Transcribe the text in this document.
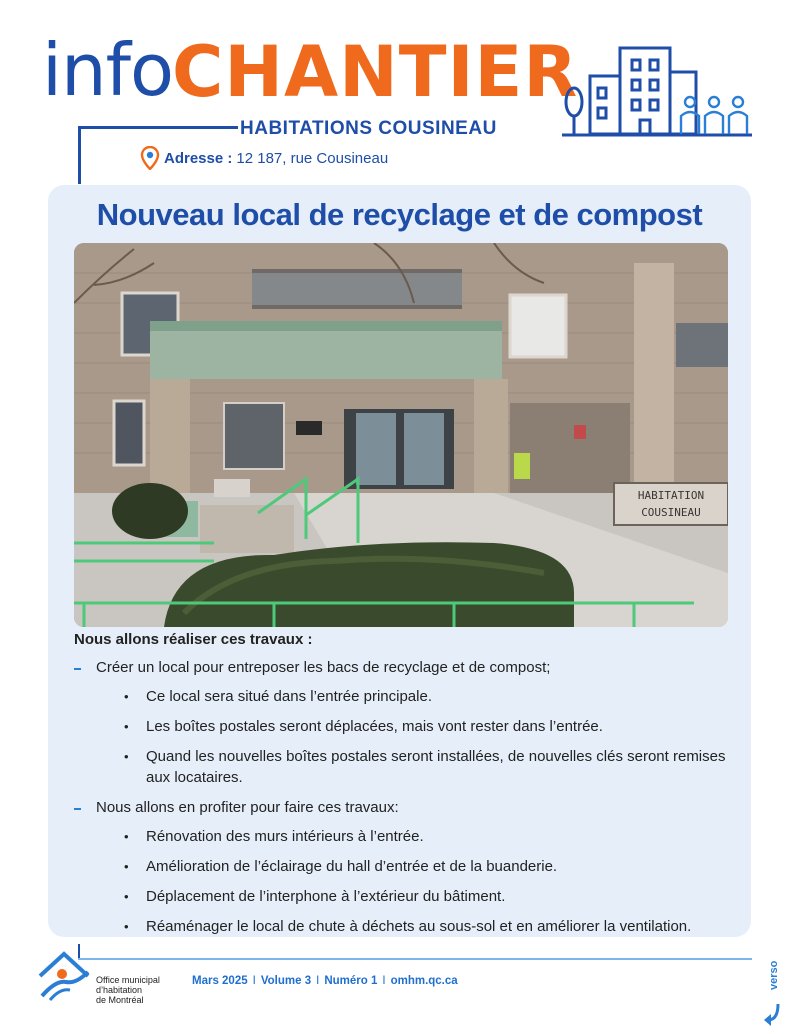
info
CHANTIER
HABITATIONS COUSINEAU
Adresse : 12 187, rue Cousineau
Nouveau local de recyclage et de compost
HABITATION
COUSINEAU

Nous allons réaliser ces travaux :

Créer un local pour entreposer les bacs de recyclage et de compost;
• Ce local sera situé dans l’entrée principale.
• Les boîtes postales seront déplacées, mais vont rester dans l’entrée.
• Quand les nouvelles boîtes postales seront installées, de nouvelles clés seront remises aux locataires.
Nous allons en profiter pour faire ces travaux:
• Rénovation des murs intérieurs à l’entrée.
• Amélioration de l’éclairage du hall d’entrée et de la buanderie.
• Déplacement de l’interphone à l’extérieur du bâtiment.
• Réaménager le local de chute à déchets au sous-sol et en améliorer la ventilation.
Office municipal
d’habitation
de Montréal
Mars 2025 I Volume 3 I Numéro 1 I omhm.qc.ca	verso
